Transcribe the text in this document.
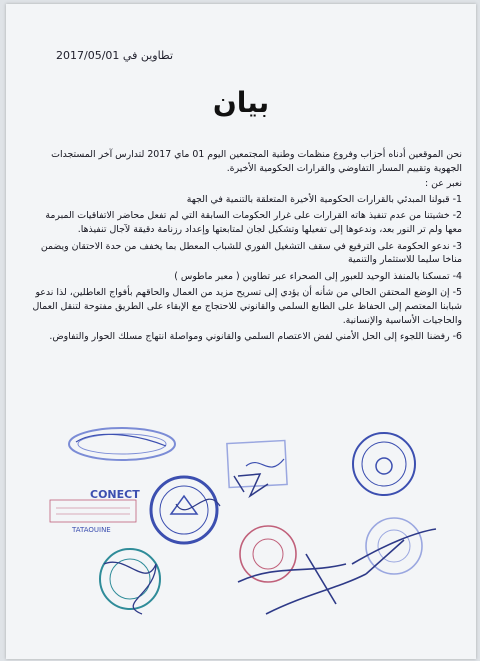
تطاوين في 2017/05/01
بيان

نحن الموقعين أدناه أحزاب وفروع منظمات وطنية المجتمعين اليوم 01 ماي 2017 لتدارس آخر المستجدات الجهوية وتقييم المسار التفاوضي والقرارات الحكومية الأخيرة.

نعبر عن :

1- قبولنا المبدئي بالقرارات الحكومية الأخيرة المتعلقة بالتنمية في الجهة
2- خشيتنا من عدم تنفيذ هاته القرارات على غرار الحكومات السابقة التي لم تفعل محاضر الاتفاقيات المبرمة معها ولم تر النور بعد، وندعوها إلى تفعيلها وتشكيل لجان لمتابعتها وإعداد رزنامة دقيقة لآجال تنفيذها.
3- ندعو الحكومة على الترفيع في سقف التشغيل الفوري للشباب المعطل بما يخفف من حدة الاحتقان ويضمن مناخا سليما للاستثمار والتنمية
4- تمسكنا بالمنفذ الوحيد للعبور إلى الصحراء عبر تطاوين ( معبر ماطوس )
5- إن الوضع المحتقن الحالي من شأنه أن يؤدي إلى تسريح مزيد من العمال والحاقهم بأفواج العاطلين، لذا ندعو شبابنا المعتصم إلى الحفاظ على الطابع السلمي والقانوني للاحتجاج مع الإبقاء على الطريق مفتوحة لتنقل العمال والحاجيات الأساسية والإنسانية.
6- رفضنا اللجوء إلى الحل الأمني لفض الاعتصام السلمي والقانوني ومواصلة انتهاج مسلك الحوار والتفاوض.
CONECT
TATAOUINE
